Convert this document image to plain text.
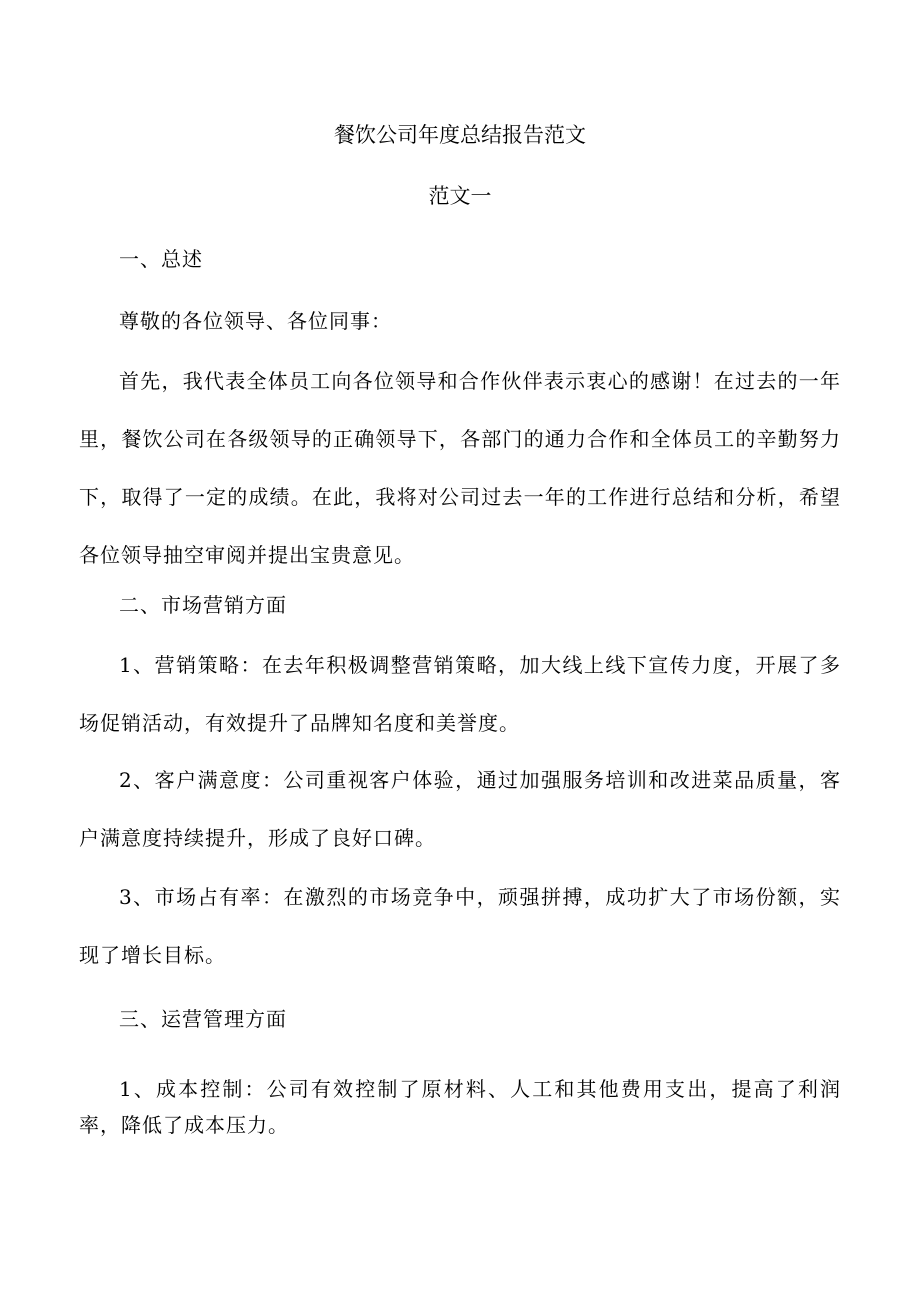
餐饮公司年度总结报告范文
范文一

一、总述

尊敬的各位领导、各位同事：

首先，我代表全体员工向各位领导和合作伙伴表示衷心的感谢！在过去的一年里，餐饮公司在各级领导的正确领导下，各部门的通力合作和全体员工的辛勤努力下，取得了一定的成绩。在此，我将对公司过去一年的工作进行总结和分析，希望各位领导抽空审阅并提出宝贵意见。

二、市场营销方面

1、营销策略：在去年积极调整营销策略，加大线上线下宣传力度，开展了多场促销活动，有效提升了品牌知名度和美誉度。

2、客户满意度：公司重视客户体验，通过加强服务培训和改进菜品质量，客户满意度持续提升，形成了良好口碑。

3、市场占有率：在激烈的市场竞争中，顽强拼搏，成功扩大了市场份额，实现了增长目标。

三、运营管理方面

1、成本控制：公司有效控制了原材料、人工和其他费用支出，提高了利润率，降低了成本压力。
